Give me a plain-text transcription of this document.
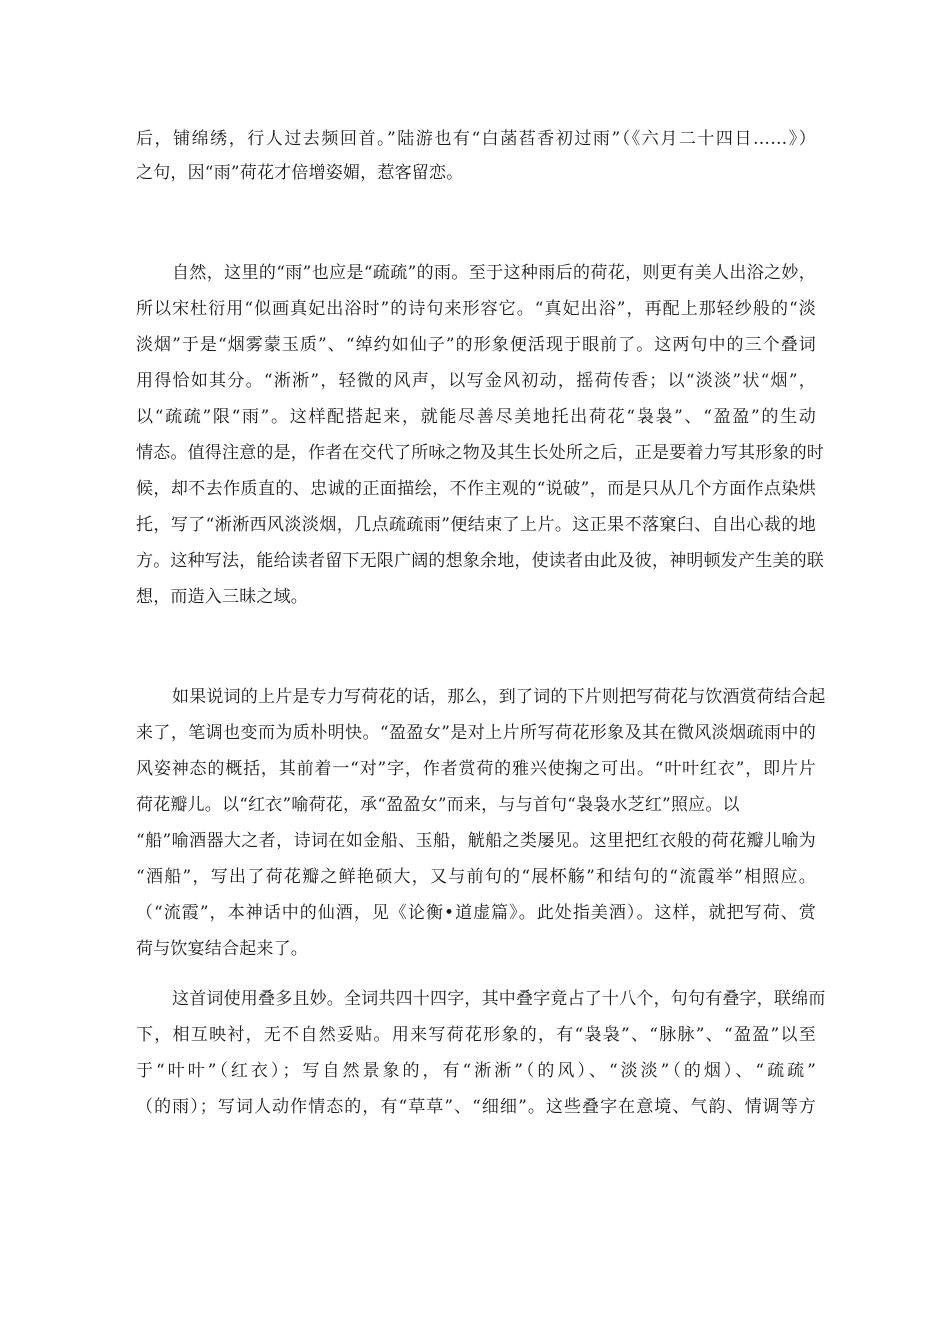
后，铺绵绣，行人过去频回首。”陆游也有“白菡萏香初过雨”（《六月二十四日……》）
之句，因“雨”荷花才倍增姿媚，惹客留恋。
自然，这里的“雨”也应是“疏疏”的雨。至于这种雨后的荷花，则更有美人出浴之妙，
所以宋杜衍用“似画真妃出浴时”的诗句来形容它。“真妃出浴”，再配上那轻纱般的“淡
淡烟”于是“烟雾蒙玉质”、“绰约如仙子”的形象便活现于眼前了。这两句中的三个叠词
用得恰如其分。“淅淅”，轻微的风声，以写金风初动，摇荷传香；以“淡淡”状“烟”，
以“疏疏”限“雨”。这样配搭起来，就能尽善尽美地托出荷花“袅袅”、“盈盈”的生动
情态。值得注意的是，作者在交代了所咏之物及其生长处所之后，正是要着力写其形象的时
候，却不去作质直的、忠诚的正面描绘，不作主观的“说破”，而是只从几个方面作点染烘
托，写了“淅淅西风淡淡烟，几点疏疏雨”便结束了上片。这正果不落窠臼、自出心裁的地
方。这种写法，能给读者留下无限广阔的想象余地，使读者由此及彼，神明顿发产生美的联
想，而造入三昧之域。
如果说词的上片是专力写荷花的话，那么，到了词的下片则把写荷花与饮酒赏荷结合起
来了，笔调也变而为质朴明快。“盈盈女”是对上片所写荷花形象及其在微风淡烟疏雨中的
风姿神态的概括，其前着一“对”字，作者赏荷的雅兴使掬之可出。“叶叶红衣”，即片片
荷花瓣儿。以“红衣”喻荷花，承“盈盈女”而来，与与首句“袅袅水芝红”照应。以
“船”喻酒器大之者，诗词在如金船、玉船，觥船之类屡见。这里把红衣般的荷花瓣儿喻为
“酒船”，写出了荷花瓣之鲜艳硕大，又与前句的“展杯觞”和结句的“流霞举”相照应。
（“流霞”，本神话中的仙酒，见《论衡•道虚篇》。此处指美酒）。这样，就把写荷、赏
荷与饮宴结合起来了。
这首词使用叠多且妙。全词共四十四字，其中叠字竟占了十八个，句句有叠字，联绵而
下，相互映衬，无不自然妥贴。用来写荷花形象的，有“袅袅”、“脉脉”、“盈盈”以至
于“叶叶”（红衣）；写自然景象的，有“淅淅”（的风）、“淡淡”（的烟）、“疏疏”
（的雨）；写词人动作情态的，有“草草”、“细细”。这些叠字在意境、气韵、情调等方
